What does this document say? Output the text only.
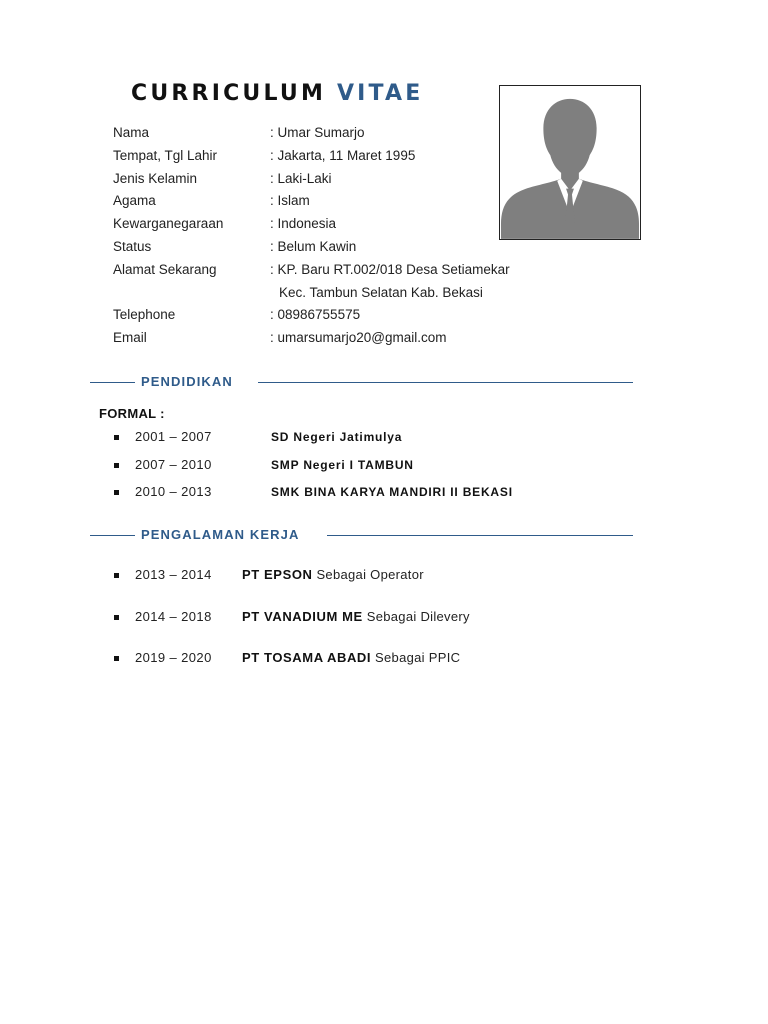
CURRICULUM VITAE
Nama	: Umar Sumarjo
Tempat, Tgl Lahir	: Jakarta, 11 Maret 1995
Jenis Kelamin	: Laki-Laki
Agama	: Islam
Kewarganegaraan	: Indonesia
Status	: Belum Kawin
Alamat Sekarang	: KP. Baru RT.002/018 Desa Setiamekar
Kec. Tambun Selatan Kab. Bekasi
Telephone	: 08986755575
Email	: umarsumarjo20@gmail.com
PENDIDIKAN
FORMAL :
2001 – 2007	SD Negeri Jatimulya
2007 – 2010	SMP Negeri I TAMBUN
2010 – 2013	SMK BINA KARYA MANDIRI II BEKASI
PENGALAMAN KERJA
2013 – 2014 PT EPSON Sebagai Operator
2014 – 2018 PT VANADIUM ME Sebagai Dilevery
2019 – 2020 PT TOSAMA ABADI Sebagai PPIC
